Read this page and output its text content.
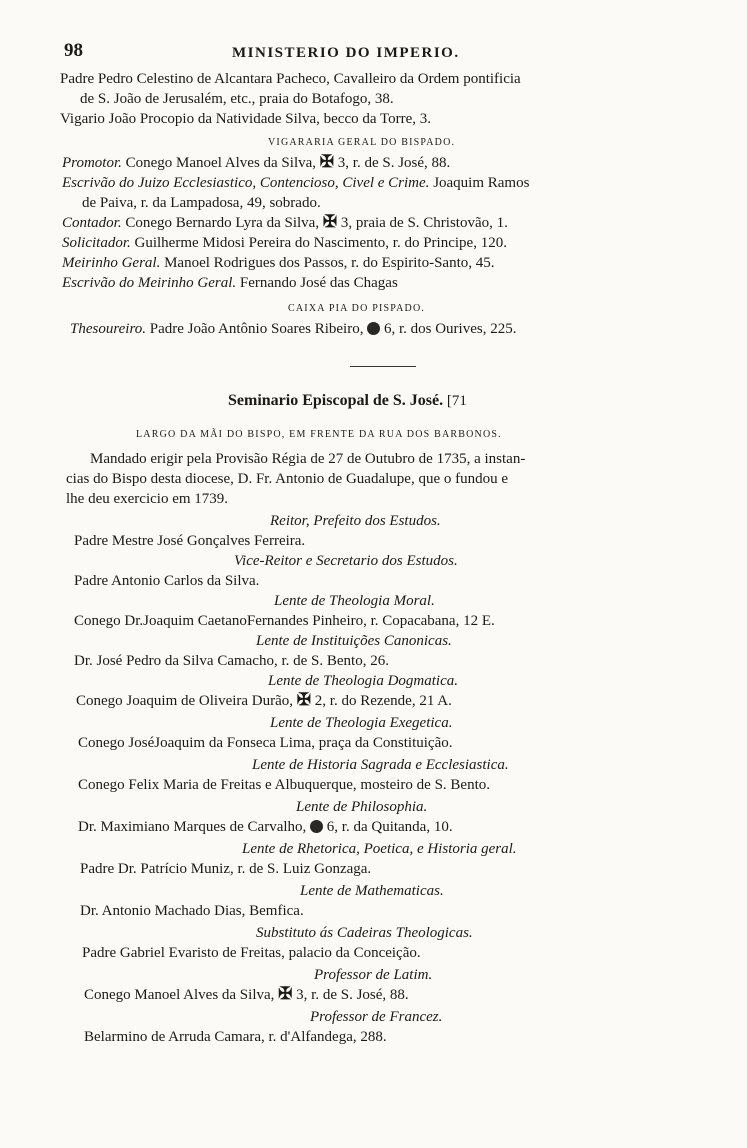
98	MINISTERIO DO IMPERIO.
Padre Pedro Celestino de Alcantara Pacheco, Cavalleiro da Ordem pontificia
de S. João de Jerusalém, etc., praia do Botafogo, 38.
Vigario João Procopio da Natividade Silva, becco da Torre, 3.
VIGARARIA GERAL DO BISPADO.
Promotor. Conego Manoel Alves da Silva, ✠ 3, r. de S. José, 88.
Escrivão do Juizo Ecclesiastico, Contencioso, Civel e Crime. Joaquim Ramos
de Paiva, r. da Lampadosa, 49, sobrado.
Contador. Conego Bernardo Lyra da Silva, ✠ 3, praia de S. Christovão, 1.
Solicitador. Guilherme Midosi Pereira do Nascimento, r. do Principe, 120.
Meirinho Geral. Manoel Rodrigues dos Passos, r. do Espirito-Santo, 45.
Escrivão do Meirinho Geral. Fernando José das Chagas
CAIXA PIA DO PISPADO.
Thesoureiro. Padre João Antônio Soares Ribeiro, 6, r. dos Ourives, 225.
Seminario Episcopal de S. José. [71
LARGO DA MÃI DO BISPO, EM FRENTE DA RUA DOS BARBONOS.
Mandado erigir pela Provisão Régia de 27 de Outubro de 1735, a instan-
cias do Bispo desta diocese, D. Fr. Antonio de Guadalupe, que o fundou e
lhe deu exercicio em 1739.
Reitor, Prefeito dos Estudos.
Padre Mestre José Gonçalves Ferreira.
Vice-Reitor e Secretario dos Estudos.
Padre Antonio Carlos da Silva.
Lente de Theologia Moral.
Conego Dr.Joaquim CaetanoFernandes Pinheiro, r. Copacabana, 12 E.
Lente de Instituições Canonicas.
Dr. José Pedro da Silva Camacho, r. de S. Bento, 26.
Lente de Theologia Dogmatica.
Conego Joaquim de Oliveira Durão, ✠ 2, r. do Rezende, 21 A.
Lente de Theologia Exegetica.
Conego JoséJoaquim da Fonseca Lima, praça da Constituição.
Lente de Historia Sagrada e Ecclesiastica.
Conego Felix Maria de Freitas e Albuquerque, mosteiro de S. Bento.
Lente de Philosophia.
Dr. Maximiano Marques de Carvalho, 6, r. da Quitanda, 10.
Lente de Rhetorica, Poetica, e Historia geral.
Padre Dr. Patrício Muniz, r. de S. Luiz Gonzaga.
Lente de Mathematicas.
Dr. Antonio Machado Dias, Bemfica.
Substituto ás Cadeiras Theologicas.
Padre Gabriel Evaristo de Freitas, palacio da Conceição.
Professor de Latim.
Conego Manoel Alves da Silva, ✠ 3, r. de S. José, 88.
Professor de Francez.
Belarmino de Arruda Camara, r. d'Alfandega, 288.
